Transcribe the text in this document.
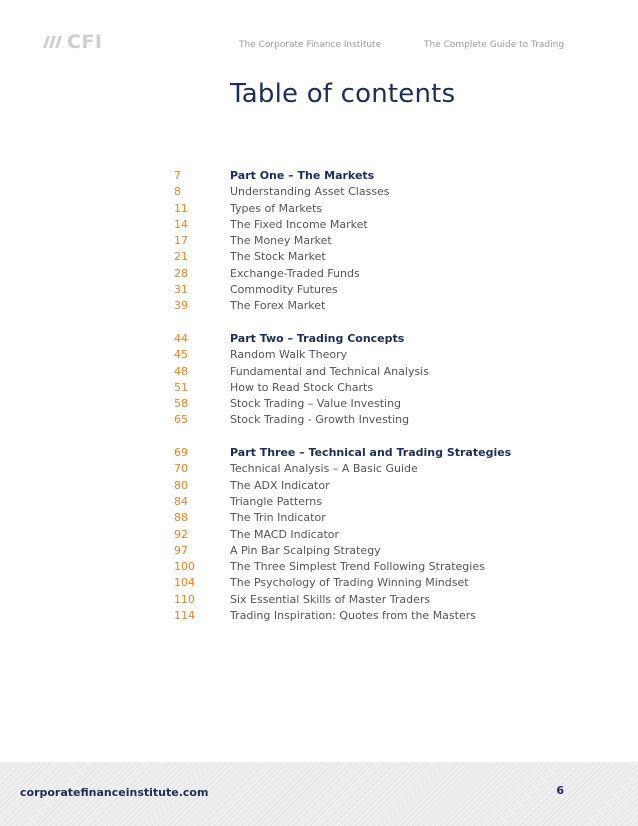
CFI	The Corporate Finance Institute	The Complete Guide to Trading
Table of contents
7	Part One – The Markets
8	Understanding Asset Classes
11	Types of Markets
14	The Fixed Income Market
17	The Money Market
21	The Stock Market
28	Exchange-Traded Funds
31	Commodity Futures
39	The Forex Market
44	Part Two – Trading Concepts
45	Random Walk Theory
48	Fundamental and Technical Analysis
51	How to Read Stock Charts
58	Stock Trading – Value Investing
65	Stock Trading - Growth Investing
69	Part Three – Technical and Trading Strategies
70	Technical Analysis – A Basic Guide
80	The ADX Indicator
84	Triangle Patterns
88	The Trin Indicator
92	The MACD Indicator
97	A Pin Bar Scalping Strategy
100	The Three Simplest Trend Following Strategies
104	The Psychology of Trading Winning Mindset
110	Six Essential Skills of Master Traders
114	Trading Inspiration: Quotes from the Masters
corporatefinanceinstitute.com	6
